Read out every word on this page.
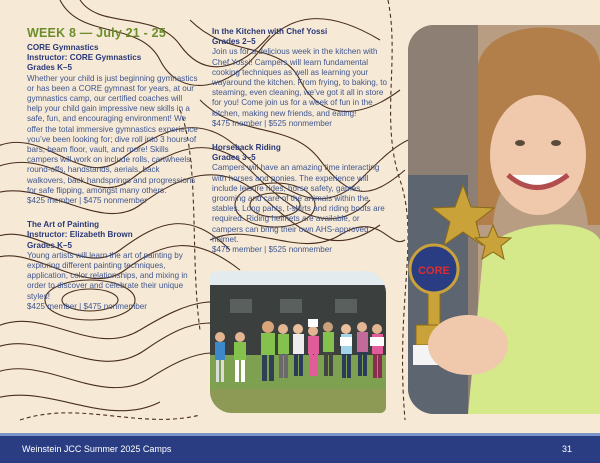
WEEK 8 — July 21 - 25

CORE Gymnastics

Instructor: CORE Gymnastics

Grades K–5

Whether your child is just beginning gymnastics or has been a CORE gymnast for years, at our gymnastics camp, our certified coaches will help your child gain impressive new skills in a safe, fun, and encouraging environment! We offer the total immersive gymnastics experience you’ve been looking for; dive roll into 3 hours of bars, beam floor, vault, and more! Skills campers will work on include rolls, cartwheels, round-offs, handstands, aerials, back walkovers, back handsprings and progressions for safe flipping, amongst many others.

$425 member | $475 nonmember

The Art of Painting

Instructor: Elizabeth Brown

Grades K–5

Young artists will learn the art of painting by exploring different painting techniques, application, color relationships, and mixing in order to discover and celebrate their unique styles!

$425 member | $475 nonmember

In the Kitchen with Chef Yossi

Grades 2–5

Join us for a delicious week in the kitchen with Chef Yossi! Campers will learn fundamental cooking techniques as well as learning your wayaround the kitchen. From frying, to baking, to steaming, even cleaning, we’ve got it all in store for you! Come join us for a week of fun in the kitchen, making new friends, and eating!

$475 member | $525 nonmember

Horseback Riding

Grades 3–5

Campers will have an amazing time interacting with horses and ponies. The experience will include leisure rides, horse safety, games, grooming and care of the animals within the stables. Long pants, t-shirts and riding boots are required. Riding helmets are available, or campers can bring their own AHS-approved helmet.

$475 member | $525 nonmember

CORE
Weinstein JCC Summer 2025 Camps	31
